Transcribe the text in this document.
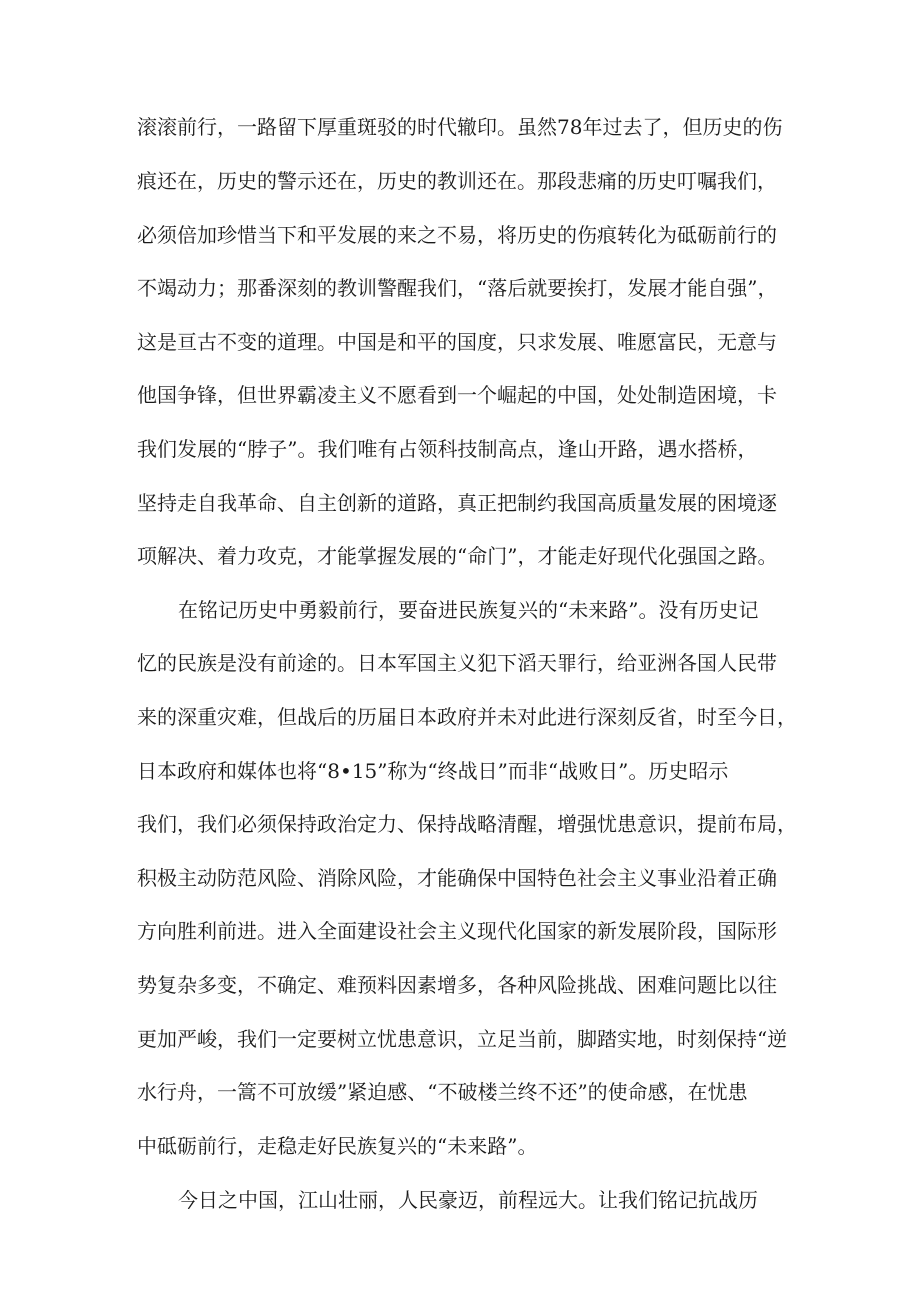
滚滚前行，一路留下厚重斑驳的时代辙印。虽然78年过去了，但历史的伤
痕还在，历史的警示还在，历史的教训还在。那段悲痛的历史叮嘱我们，
必须倍加珍惜当下和平发展的来之不易，将历史的伤痕转化为砥砺前行的
不竭动力；那番深刻的教训警醒我们，“落后就要挨打，发展才能自强”，
这是亘古不变的道理。中国是和平的国度，只求发展、唯愿富民，无意与
他国争锋，但世界霸凌主义不愿看到一个崛起的中国，处处制造困境，卡
我们发展的“脖子”。我们唯有占领科技制高点，逢山开路，遇水搭桥，
坚持走自我革命、自主创新的道路，真正把制约我国高质量发展的困境逐
项解决、着力攻克，才能掌握发展的“命门”，才能走好现代化强国之路。
在铭记历史中勇毅前行，要奋进民族复兴的“未来路”。没有历史记
忆的民族是没有前途的。日本军国主义犯下滔天罪行，给亚洲各国人民带
来的深重灾难，但战后的历届日本政府并未对此进行深刻反省，时至今日，
日本政府和媒体也将“8•15”称为“终战日”而非“战败日”。历史昭示
我们，我们必须保持政治定力、保持战略清醒，增强忧患意识，提前布局，
积极主动防范风险、消除风险，才能确保中国特色社会主义事业沿着正确
方向胜利前进。进入全面建设社会主义现代化国家的新发展阶段，国际形
势复杂多变，不确定、难预料因素增多，各种风险挑战、困难问题比以往
更加严峻，我们一定要树立忧患意识，立足当前，脚踏实地，时刻保持“逆
水行舟，一篙不可放缓”紧迫感、“不破楼兰终不还”的使命感，在忧患
中砥砺前行，走稳走好民族复兴的“未来路”。
今日之中国，江山壮丽，人民豪迈，前程远大。让我们铭记抗战历
